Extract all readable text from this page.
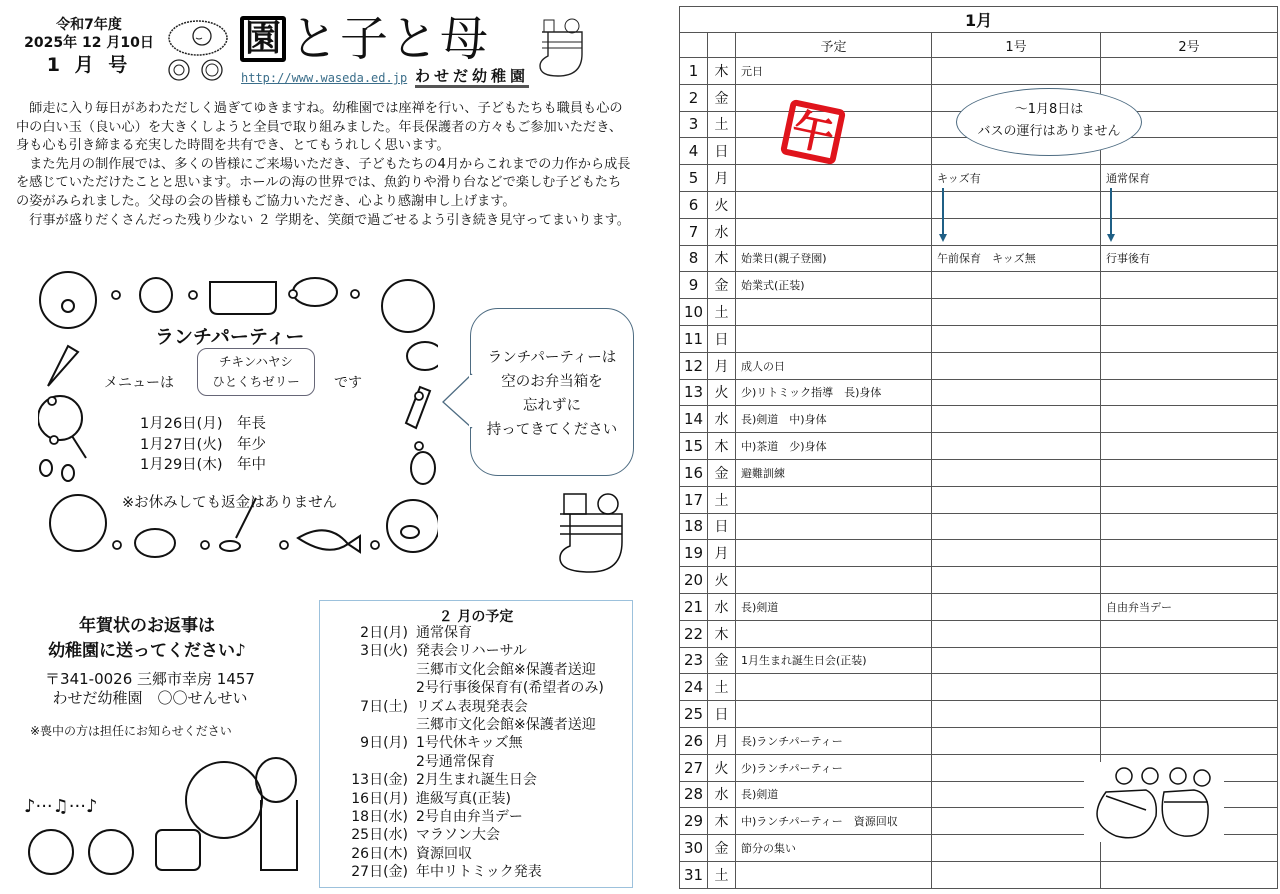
令和7年度
2025年 12 月10日
1 月 号
園 と子と母
http://www.waseda.ed.jp わせだ幼稚園

　師走に入り毎日があわただしく過ぎてゆきますね。幼稚園では座禅を行い、子どもたちも職員も心の中の白い玉（良い心）を大きくしようと全員で取り組みました。年長保護者の方々もご参加いただき、身も心も引き締まる充実した時間を共有でき、とてもうれしく思います。

　また先月の制作展では、多くの皆様にご来場いただき、子どもたちの4月からこれまでの力作から成長を感じていただけたことと思います。ホールの海の世界では、魚釣りや滑り台などで楽しむ子どもたちの姿がみられました。父母の会の皆様もご協力いただき、心より感謝申し上げます。

　行事が盛りだくさんだった残り少ない ２ 学期を、笑顔で過ごせるよう引き続き見守ってまいります。

ランチパーティー
メニューは
チキンハヤシ
ひとくちゼリー	です
1月26日(月)　年長
1月27日(火)　年少
1月29日(木)　年中
※お休みしても返金はありません
ランチパーティーは
空のお弁当箱を
忘れずに
持ってきてください
年賀状のお返事は
幼稚園に送ってください♪
〒341-0026 三郷市幸房 1457
わせだ幼稚園　〇〇せんせい
※喪中の方は担任にお知らせください
♪···♫···♪
２ 月の予定
2日(月) 通常保育
3日(火) 発表会リハーサル
三郷市文化会館※保護者送迎
2号行事後保育有(希望者のみ)
7日(土) リズム表現発表会
三郷市文化会館※保護者送迎
9日(月) 1号代休キッズ無
2号通常保育
13日(金) 2月生まれ誕生日会
16日(月) 進級写真(正装)
18日(水) 2号自由弁当デー
25日(水) マラソン大会
26日(木) 資源回収
27日(金) 年中リトミック発表
1月				
		予定	1号	2号
1	木	元日		
2	金			
3	土			
4	日			
5	月		キッズ有	通常保育
6	火			
7	水			
8	木	始業日(親子登園)	午前保育　キッズ無	行事後有
9	金	始業式(正装)		
10	土			
11	日			
12	月	成人の日		
13	火	少)リトミック指導　長)身体		
14	水	長)剣道　中)身体		
15	木	中)茶道　少)身体		
16	金	避難訓練		
17	土			
18	日			
19	月			
20	火			
21	水	長)剣道		自由弁当デー
22	木			
23	金	1月生まれ誕生日会(正装)		
24	土			
25	日			
26	月	長)ランチパーティー		
27	火	少)ランチパーティー		
28	水	長)剣道		
29	木	中)ランチパーティー　資源回収		
30	金	節分の集い		
31	土			
午	～1月8日は
バスの運行はありません
